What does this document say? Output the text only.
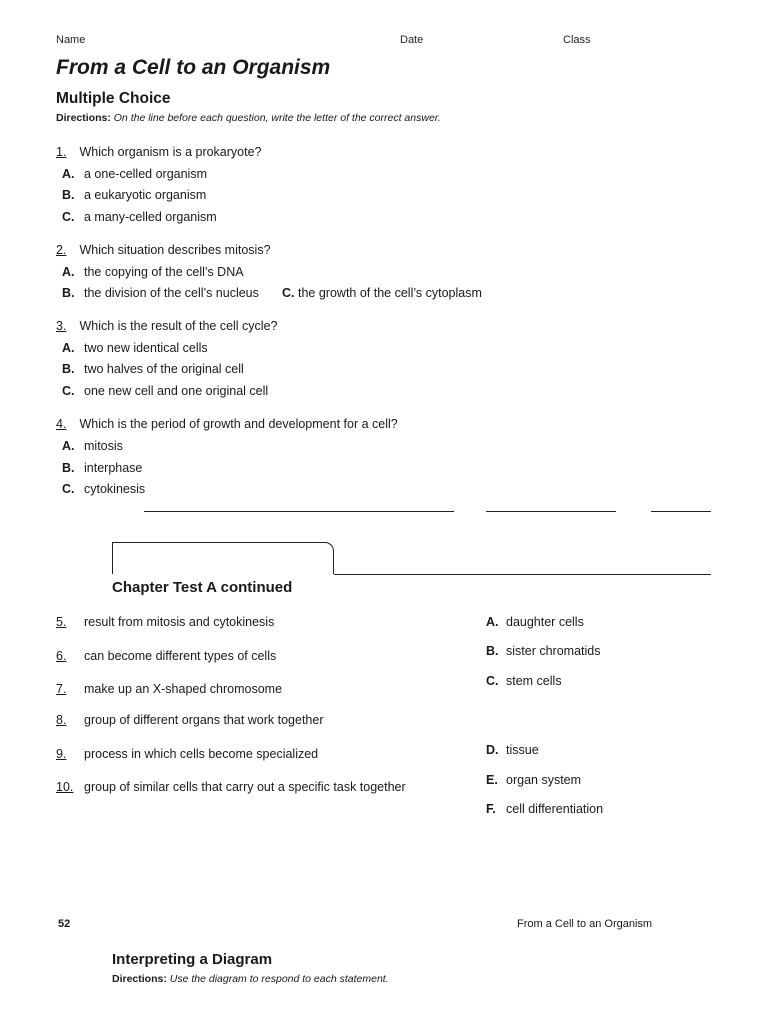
Name	Date	Class
From a Cell to an Organism
Multiple Choice
Directions: On the line before each question, write the letter of the correct answer.
1. Which organism is a prokaryote?
A. a one-celled organism
B. a eukaryotic organism
C. a many-celled organism
2. Which situation describes mitosis?
A. the copying of the cell’s DNA
B. the division of the cell’s nucleus C. the growth of the cell’s cytoplasm
3. Which is the result of the cell cycle?
A. two new identical cells
B. two halves of the original cell
C. one new cell and one original cell
4. Which is the period of growth and development for a cell?
A. mitosis
B. interphase
C. cytokinesis
Chapter Test A continued
5. result from mitosis and cytokinesis
6. can become different types of cells
7. make up an X-shaped chromosome
8. group of different organs that work together
9. process in which cells become specialized
10. group of similar cells that carry out a specific task together
A. daughter cells
B. sister chromatids
C. stem cells
D. tissue
E. organ system
F. cell differentiation
52	From a Cell to an Organism
Interpreting a Diagram
Directions: Use the diagram to respond to each statement.
